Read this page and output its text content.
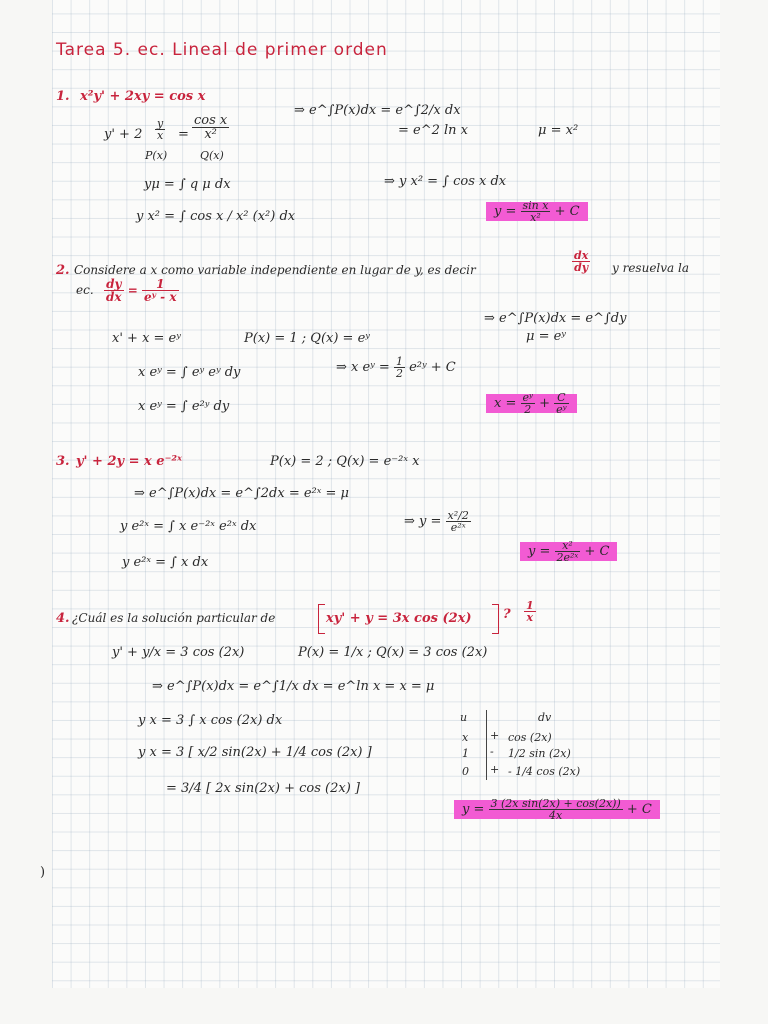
Tarea 5. ec. Lineal de primer orden
1. x²y' + 2xy = cos x
$y' + 2 \frac{y}{x} = \frac{\text{cos x}}{\text{x²}}$
P(x)	Q(x)
⇒ e^∫P(x)dx = e^∫2/x dx
= e^2 ln x	μ = x²
yμ = ∫ q μ dx
y x² = ∫ cos x / x² (x²) dx
⇒ y x² = ∫ cos x dx
$y = \frac{\text{sin x}}{\text{x²}} + C$
2. Considere a x como variable independiente en lugar de y, es decir	$\frac{dx}{dy}$ y resuelva la
ec. $\frac{dy}{dx} = \frac{1}{\text{eʸ - x}}$
⇒ e^∫P(x)dx = e^∫dy
μ = eʸ
x' + x = eʸ	P(x) = 1 ; Q(x) = eʸ
x eʸ = ∫ eʸ eʸ dy	⇒ x eʸ = $\frac{1}{2}$ e²ʸ + C
x eʸ = ∫ e²ʸ dy	$x = \frac{\text{eʸ}}{2} + \frac{C}{\text{eʸ}}$
3. y' + 2y = x e⁻²ˣ	P(x) = 2 ; Q(x) = e⁻²ˣ x
⇒ e^∫P(x)dx = e^∫2dx = e²ˣ = μ
y e²ˣ = ∫ x e⁻²ˣ e²ˣ dx	⇒ $y = \frac{\text{x²/2}}{\text{e²ˣ}}$
y e²ˣ = ∫ x dx
$y = \frac{\text{x²}}{\text{2e²ˣ}} + C$
4. ¿Cuál es la solución particular de	xy' + y = 3x cos (2x) ? $\frac{1}{x}$
y' + y/x = 3 cos (2x)	P(x) = 1/x ; Q(x) = 3 cos (2x)
⇒ e^∫P(x)dx = e^∫1/x dx = e^ln x = x = μ
y x = 3 ∫ x cos (2x) dx
y x = 3 [ x/2 sin(2x) + 1/4 cos (2x) ]
= 3/4 [ 2x sin(2x) + cos (2x) ]
u	dv
x + cos (2x)
1 - 1/2 sin (2x)
0 + - 1/4 cos (2x)
$y = \frac{\text{3 (2x sin(2x) + cos(2x))}}{4x} + C$
)
